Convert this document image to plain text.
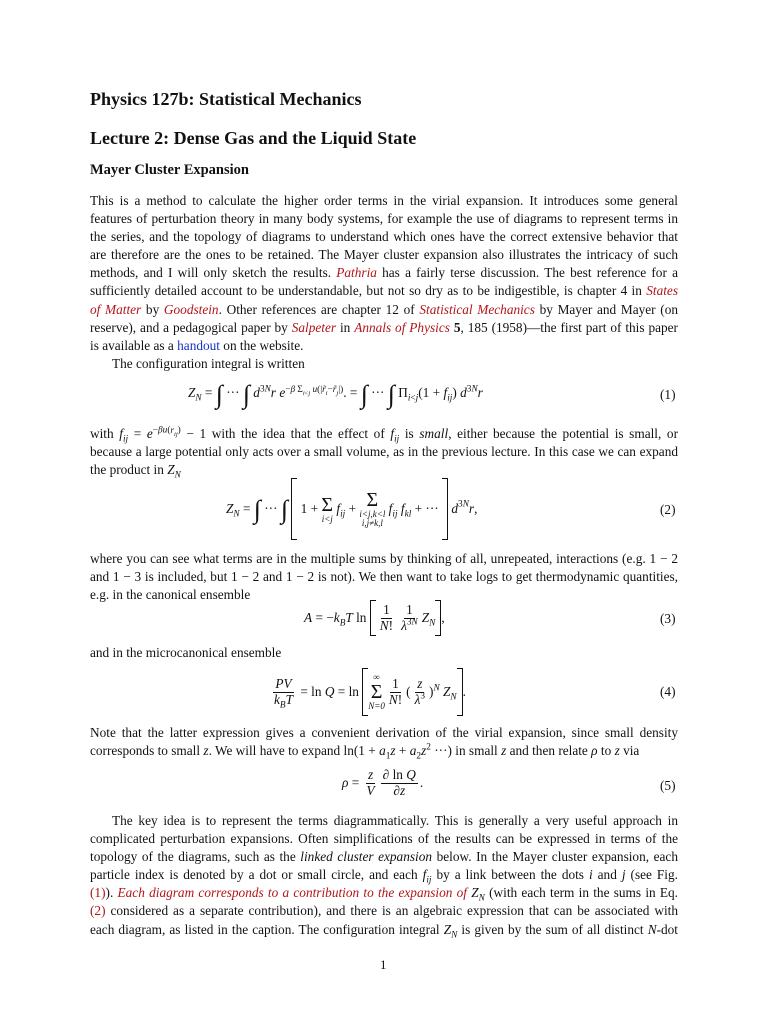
Physics 127b: Statistical Mechanics
Lecture 2: Dense Gas and the Liquid State
Mayer Cluster Expansion

This is a method to calculate the higher order terms in the virial expansion. It introduces some general
features of perturbation theory in many body systems, for example the use of diagrams to represent terms in
the series, and the topology of diagrams to understand which ones have the correct extensive behavior that
are therefore are the ones to be retained. The Mayer cluster expansion also illustrates the intricacy of such
methods, and I will only sketch the results. Pathria has a fairly terse discussion. The best reference for a
sufficiently detailed account to be understandable, but not so dry as to be indigestible, is chapter 4 in States
of Matter by Goodstein. Other references are chapter 12 of Statistical Mechanics by Mayer and Mayer (on
reserve), and a pedagogical paper by Salpeter in Annals of Physics 5, 185 (1958)—the first part of this paper
is available as a handout on the website.
The configuration integral is written

$Z_N$ = ∫ ··· ∫ $d^{3N}r$ $e^{-\beta \Sigma_{i<j} u(|r̃_i-r̃_j|)}$. = ∫ ··· ∫ $\Pi_{i<j}(1 + f_{ij})$ $d^{3N}r$	(1)

with $f_{ij} = e^{-\beta u(r_{ij})} - 1$ with the idea that the effect of $f_{ij}$ is small, either because the potential is small, or
because a large potential only acts over a small volume, as in the previous lecture. In this case we can expand
the product in $Z_N$

$Z_N$ = ∫ ··· ∫ 1 + Σ
i<j
$f_{ij} + \Sigma$
i<j,k<l
i,j≠k,l
$f_{ij}$ $f_{kl}$ + ··· $d^{3N}r$,	(2)

where you can see what terms are in the multiple sums by thinking of all, unrepeated, interactions (e.g. 1 − 2
and 1 − 3 is included, but 1 − 2 and 1 − 2 is not). We then want to take logs to get thermodynamic quantities,
e.g. in the canonical ensemble

$A = -k_BT$ $\ln \frac{1}{N!} \frac{1}{\lambda^{3N}} Z_N$ ,	(3)

and in the microcanonical ensemble

$\frac{PV}{k_BT} = \ln Q = \ln$
∞
Σ
$N=0 \frac{1}{N!}$ ( $\frac{z}{\lambda^3} )^N$ $Z_N$ .	(4)

Note that the latter expression gives a convenient derivation of the virial expansion, since small density
corresponds to small z. We will have to expand $\ln(1 + a_1z + a_2z^2$ ···) in small z and then relate ρ to z via

$\rho = \frac{z}{V} \frac{\text{∂ ln Q}}{\partial z}$ .	(5)

The key idea is to represent the terms diagrammatically. This is generally a very useful approach in
complicated perturbation expansions. Often simplifications of the results can be expressed in terms of the
topology of the diagrams, such as the linked cluster expansion below. In the Mayer cluster expansion, each
particle index is denoted by a dot or small circle, and each $f_{ij}$ by a link between the dots i and j (see Fig.
(1)). Each diagram corresponds to a contribution to the expansion of $Z_N$ (with each term in the sums in Eq.
(2) considered as a separate contribution), and there is an algebraic expression that can be associated with
each diagram, as listed in the caption. The configuration integral $Z_N$ is given by the sum of all distinct N-dot

1
